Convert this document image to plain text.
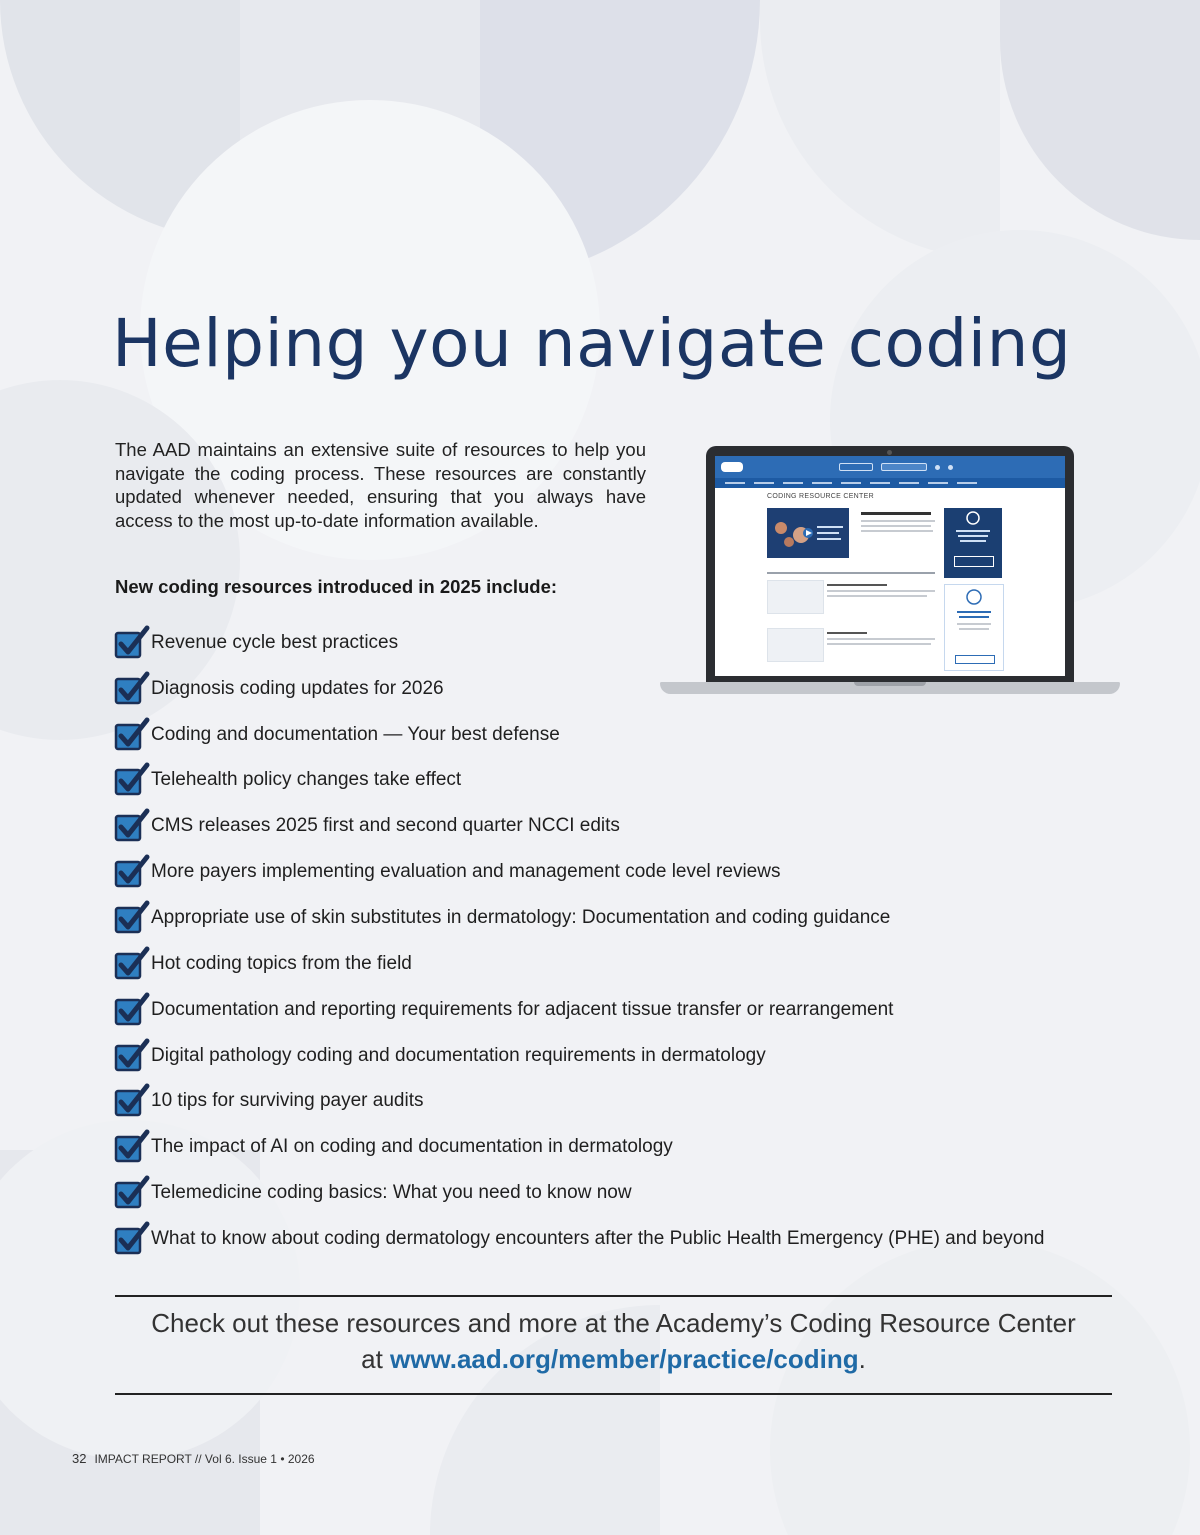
Helping you navigate coding

The AAD maintains an extensive suite of resources to help you navigate the coding process. These resources are constantly updated whenever needed, ensuring that you always have access to the most up-to-date information available.

CODING RESOURCE CENTER

New coding resources introduced in 2025 include:

Revenue cycle best practices
Diagnosis coding updates for 2026
Coding and documentation — Your best defense
Telehealth policy changes take effect
CMS releases 2025 first and second quarter NCCI edits
More payers implementing evaluation and management code level reviews
Appropriate use of skin substitutes in dermatology: Documentation and coding guidance
Hot coding topics from the field
Documentation and reporting requirements for adjacent tissue transfer or rearrangement
Digital pathology coding and documentation requirements in dermatology
10 tips for surviving payer audits
The impact of AI on coding and documentation in dermatology
Telemedicine coding basics: What you need to know now
What to know about coding dermatology encounters after the Public Health Emergency (PHE) and beyond

Check out these resources and more at the Academy’s Coding Resource Center
at www.aad.org/member/practice/coding.

32 IMPACT REPORT // Vol 6. Issue 1 • 2026
